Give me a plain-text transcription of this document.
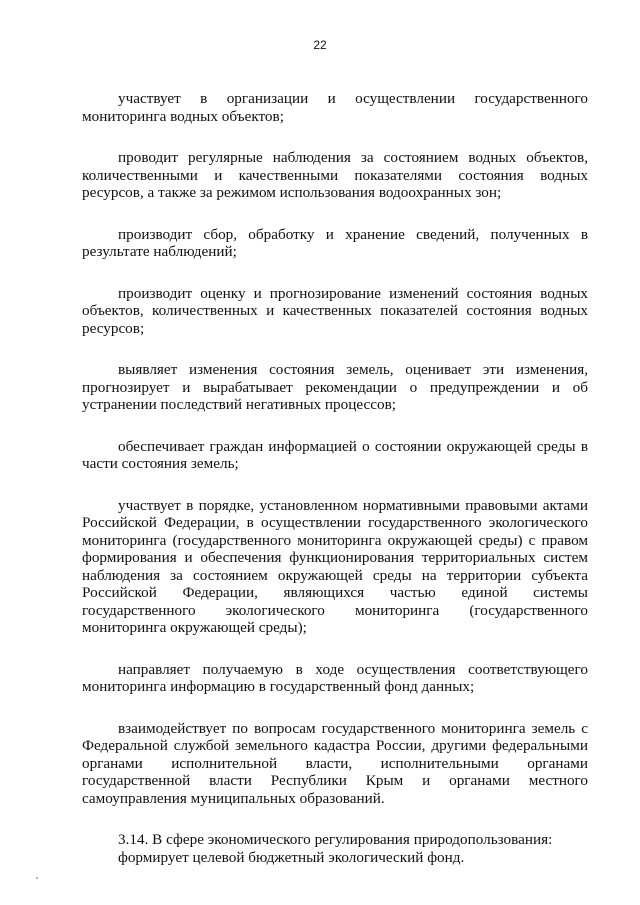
22

участвует в организации и осуществлении государственного мониторинга водных объектов;

проводит регулярные наблюдения за состоянием водных объектов, количественными и качественными показателями состояния водных ресурсов, а также за режимом использования водоохранных зон;

производит сбор, обработку и хранение сведений, полученных в результате наблюдений;

производит оценку и прогнозирование изменений состояния водных объектов, количественных и качественных показателей состояния водных ресурсов;

выявляет изменения состояния земель, оценивает эти изменения, прогнозирует и вырабатывает рекомендации о предупреждении и об устранении последствий негативных процессов;

обеспечивает граждан информацией о состоянии окружающей среды в части состояния земель;

участвует в порядке, установленном нормативными правовыми актами Российской Федерации, в осуществлении государственного экологического мониторинга (государственного мониторинга окружающей среды) с правом формирования и обеспечения функционирования территориальных систем наблюдения за состоянием окружающей среды на территории субъекта Российской Федерации, являющихся частью единой системы государственного экологического мониторинга (государственного мониторинга окружающей среды);

направляет получаемую в ходе осуществления соответствующего мониторинга информацию в государственный фонд данных;

взаимодействует по вопросам государственного мониторинга земель с Федеральной службой земельного кадастра России, другими федеральными органами исполнительной власти, исполнительными органами государственной власти Республики Крым и органами местного самоуправления муниципальных образований.

3.14. В сфере экономического регулирования природопользования:
формирует целевой бюджетный экологический фонд.
